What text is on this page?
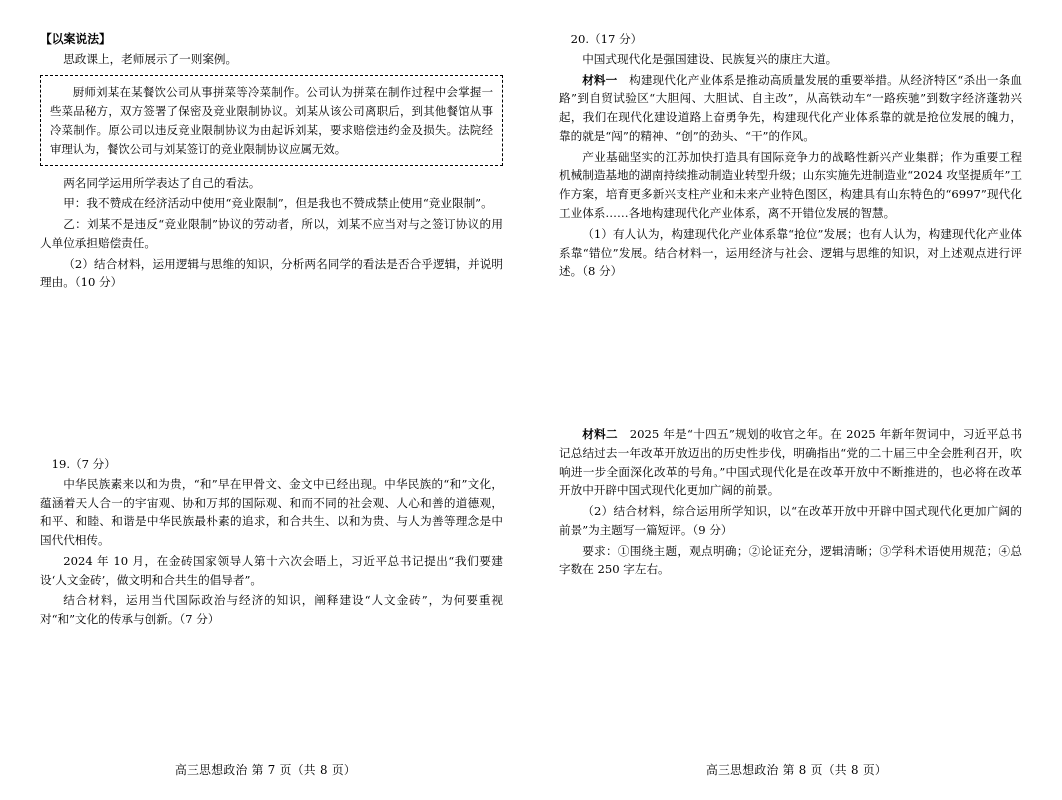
【以案说法】

思政课上，老师展示了一则案例。

厨师刘某在某餐饮公司从事拼菜等冷菜制作。公司认为拼菜在制作过程中会掌握一些菜品秘方，双方签署了保密及竞业限制协议。刘某从该公司离职后，到其他餐馆从事冷菜制作。原公司以违反竞业限制协议为由起诉刘某，要求赔偿违约金及损失。法院经审理认为，餐饮公司与刘某签订的竞业限制协议应属无效。

两名同学运用所学表达了自己的看法。

甲：我不赞成在经济活动中使用“竞业限制”，但是我也不赞成禁止使用“竞业限制”。

乙：刘某不是违反“竞业限制”协议的劳动者，所以，刘某不应当对与之签订协议的用人单位承担赔偿责任。

（2）结合材料，运用逻辑与思维的知识，分析两名同学的看法是否合乎逻辑，并说明理由。（10 分）

19.（7 分）

中华民族素来以和为贵，“和”早在甲骨文、金文中已经出现。中华民族的“和”文化，蕴涵着天人合一的宇宙观、协和万邦的国际观、和而不同的社会观、人心和善的道德观，和平、和睦、和谐是中华民族最朴素的追求，和合共生、以和为贵、与人为善等理念是中国代代相传。

2024 年 10 月，在金砖国家领导人第十六次会晤上，习近平总书记提出“我们要建设‘人文金砖’，做文明和合共生的倡导者”。

结合材料，运用当代国际政治与经济的知识，阐释建设“人文金砖”，为何要重视对“和”文化的传承与创新。（7 分）

高三思想政治 第 7 页（共 8 页）

20.（17 分）

中国式现代化是强国建设、民族复兴的康庄大道。

材料一　 构建现代化产业体系是推动高质量发展的重要举措。从经济特区“杀出一条血路”到自贸试验区“大胆闯、大胆试、自主改”，从高铁动车“一路疾驰”到数字经济蓬勃兴起，我们在现代化建设道路上奋勇争先，构建现代化产业体系靠的就是抢位发展的魄力，靠的就是“闯”的精神、“创”的劲头、“干”的作风。

产业基础坚实的江苏加快打造具有国际竞争力的战略性新兴产业集群；作为重要工程机械制造基地的湖南持续推动制造业转型升级；山东实施先进制造业“2024 攻坚提质年”工作方案，培育更多新兴支柱产业和未来产业特色图区，构建具有山东特色的“6997”现代化工业体系……各地构建现代化产业体系，离不开错位发展的智慧。

（1）有人认为，构建现代化产业体系靠“抢位”发展；也有人认为，构建现代化产业体系靠“错位”发展。结合材料一，运用经济与社会、逻辑与思维的知识，对上述观点进行评述。（8 分）

材料二　 2025 年是“十四五”规划的收官之年。在 2025 年新年贺词中，习近平总书记总结过去一年改革开放迈出的历史性步伐，明确指出“党的二十届三中全会胜利召开，吹响进一步全面深化改革的号角。”中国式现代化是在改革开放中不断推进的，也必将在改革开放中开辟中国式现代化更加广阔的前景。

（2）结合材料，综合运用所学知识，以“在改革开放中开辟中国式现代化更加广阔的前景”为主题写一篇短评。（9 分）

要求：①围绕主题，观点明确；②论证充分，逻辑清晰；③学科术语使用规范；④总字数在 250 字左右。

高三思想政治 第 8 页（共 8 页）
